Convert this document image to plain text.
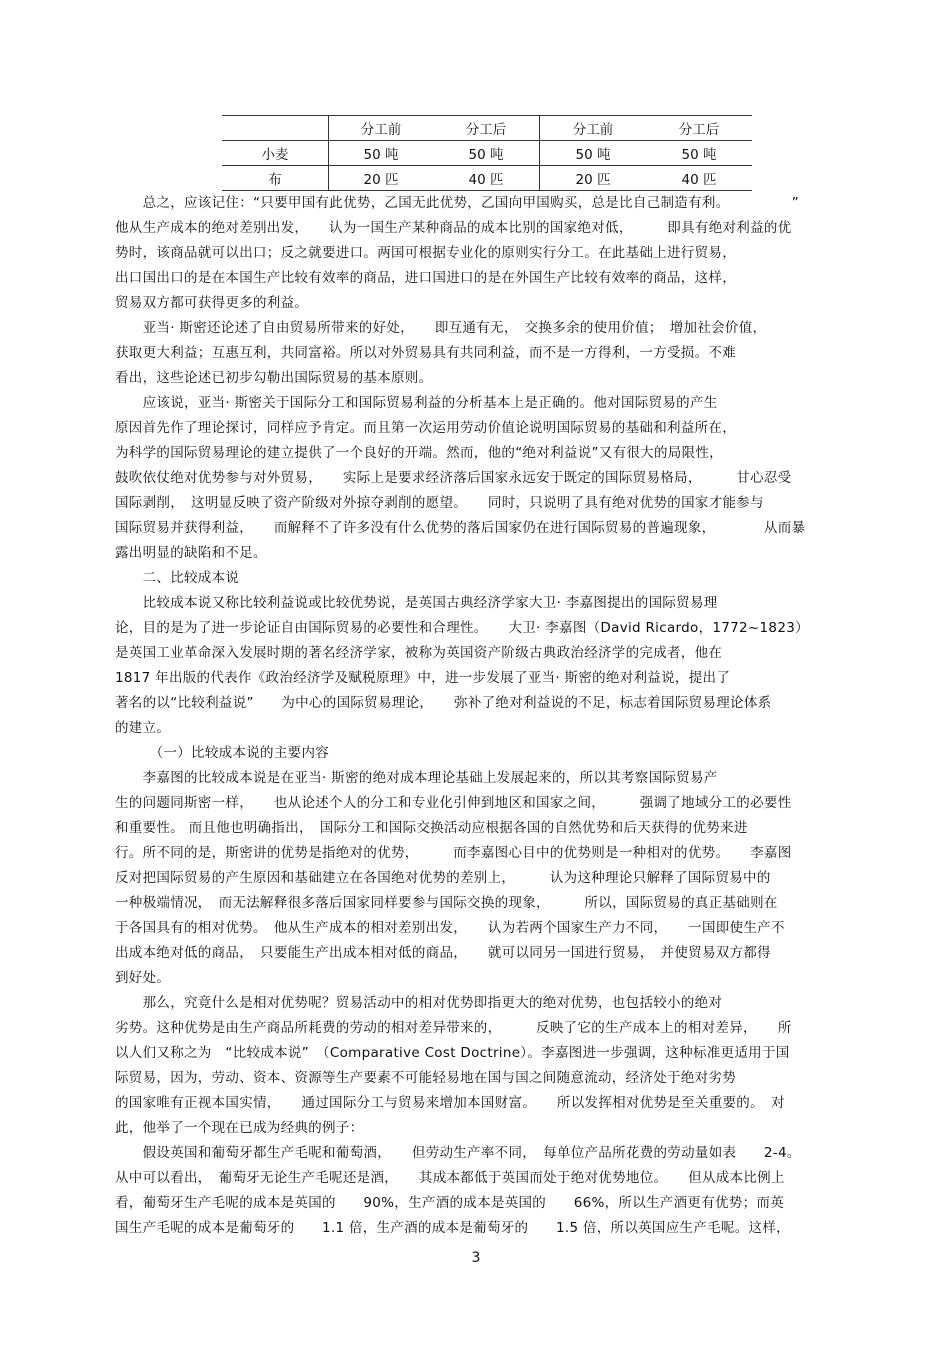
	分工前	分工后	分工前	分工后
小麦	50 吨	50 吨	50 吨	50 吨
布	20 匹	40 匹	20 匹	40 匹
　　总之，应该记住：“只要甲国有此优势，乙国无此优势，乙国向甲国购买，总是比自己制造有利。　　　　　”
他从生产成本的绝对差别出发，　　认为一国生产某种商品的成本比别的国家绝对低，　　　即具有绝对利益的优
势时，该商品就可以出口；反之就要进口。两国可根据专业化的原则实行分工。在此基础上进行贸易，
出口国出口的是在本国生产比较有效率的商品，进口国进口的是在外国生产比较有效率的商品，这样，
贸易双方都可获得更多的利益。
　　亚当· 斯密还论述了自由贸易所带来的好处，　　即互通有无，　交换多余的使用价值；　增加社会价值，
获取更大利益；互惠互利，共同富裕。所以对外贸易具有共同利益，而不是一方得利，一方受损。不难
看出，这些论述已初步勾勒出国际贸易的基本原则。
　　应该说，亚当· 斯密关于国际分工和国际贸易利益的分析基本上是正确的。他对国际贸易的产生
原因首先作了理论探讨，同样应予肯定。而且第一次运用劳动价值论说明国际贸易的基础和利益所在，
为科学的国际贸易理论的建立提供了一个良好的开端。然而，他的“绝对利益说”又有很大的局限性，
鼓吹依仗绝对优势参与对外贸易，　　实际上是要求经济落后国家永远安于既定的国际贸易格局，　　　甘心忍受
国际剥削，　这明显反映了资产阶级对外掠夺剥削的愿望。　　同时，只说明了具有绝对优势的国家才能参与
国际贸易并获得利益，　　而解释不了许多没有什么优势的落后国家仍在进行国际贸易的普遍现象，　　　　从而暴
露出明显的缺陷和不足。
　　二、比较成本说
　　比较成本说又称比较利益说或比较优势说，是英国古典经济学家大卫· 李嘉图提出的国际贸易理
论，目的是为了进一步论证自由国际贸易的必要性和合理性。　　大卫· 李嘉图（David Ricardo，1772~1823）
是英国工业革命深入发展时期的著名经济学家，被称为英国资产阶级古典政治经济学的完成者，他在
1817 年出版的代表作《政治经济学及赋税原理》中，进一步发展了亚当· 斯密的绝对利益说，提出了
著名的以“比较利益说”　　为中心的国际贸易理论，　　弥补了绝对利益说的不足，标志着国际贸易理论体系
的建立。
　　　（一）比较成本说的主要内容
　　李嘉图的比较成本说是在亚当· 斯密的绝对成本理论基础上发展起来的，所以其考察国际贸易产
生的问题同斯密一样，　　也从论述个人的分工和专业化引伸到地区和国家之间，　　　强调了地域分工的必要性
和重要性。 而且他也明确指出，　国际分工和国际交换活动应根据各国的自然优势和后天获得的优势来进
行。所不同的是，斯密讲的优势是指绝对的优势，　　　而李嘉图心目中的优势则是一种相对的优势。　　李嘉图
反对把国际贸易的产生原因和基础建立在各国绝对优势的差别上，　　　认为这种理论只解释了国际贸易中的
一种极端情况，　而无法解释很多落后国家同样要参与国际交换的现象，　　　所以，国际贸易的真正基础则在
于各国具有的相对优势。　他从生产成本的相对差别出发，　　认为若两个国家生产力不同，　　一国即使生产不
出成本绝对低的商品，　只要能生产出成本相对低的商品，　　就可以同另一国进行贸易，　并使贸易双方都得
到好处。
　　那么，究竟什么是相对优势呢？贸易活动中的相对优势即指更大的绝对优势，也包括较小的绝对
劣势。这种优势是由生产商品所耗费的劳动的相对差异带来的，　　　反映了它的生产成本上的相对差异，　　所
以人们又称之为　“比较成本说”　（Comparative Cost Doctrine）。李嘉图进一步强调，这种标准更适用于国
际贸易，因为，劳动、资本、资源等生产要素不可能轻易地在国与国之间随意流动，经济处于绝对劣势
的国家唯有正视本国实情，　　通过国际分工与贸易来增加本国财富。　　所以发挥相对优势是至关重要的。　对
此，他举了一个现在已成为经典的例子：
　　假设英国和葡萄牙都生产毛呢和葡萄酒，　　但劳动生产率不同，　每单位产品所花费的劳动量如表　　2-4。
从中可以看出，　葡萄牙无论生产毛呢还是酒，　　其成本都低于英国而处于绝对优势地位。　　但从成本比例上
看，葡萄牙生产毛呢的成本是英国的　　90%，生产酒的成本是英国的　　66%，所以生产酒更有优势；而英
国生产毛呢的成本是葡萄牙的　　1.1 倍，生产酒的成本是葡萄牙的　　1.5 倍，所以英国应生产毛呢。这样，
3
